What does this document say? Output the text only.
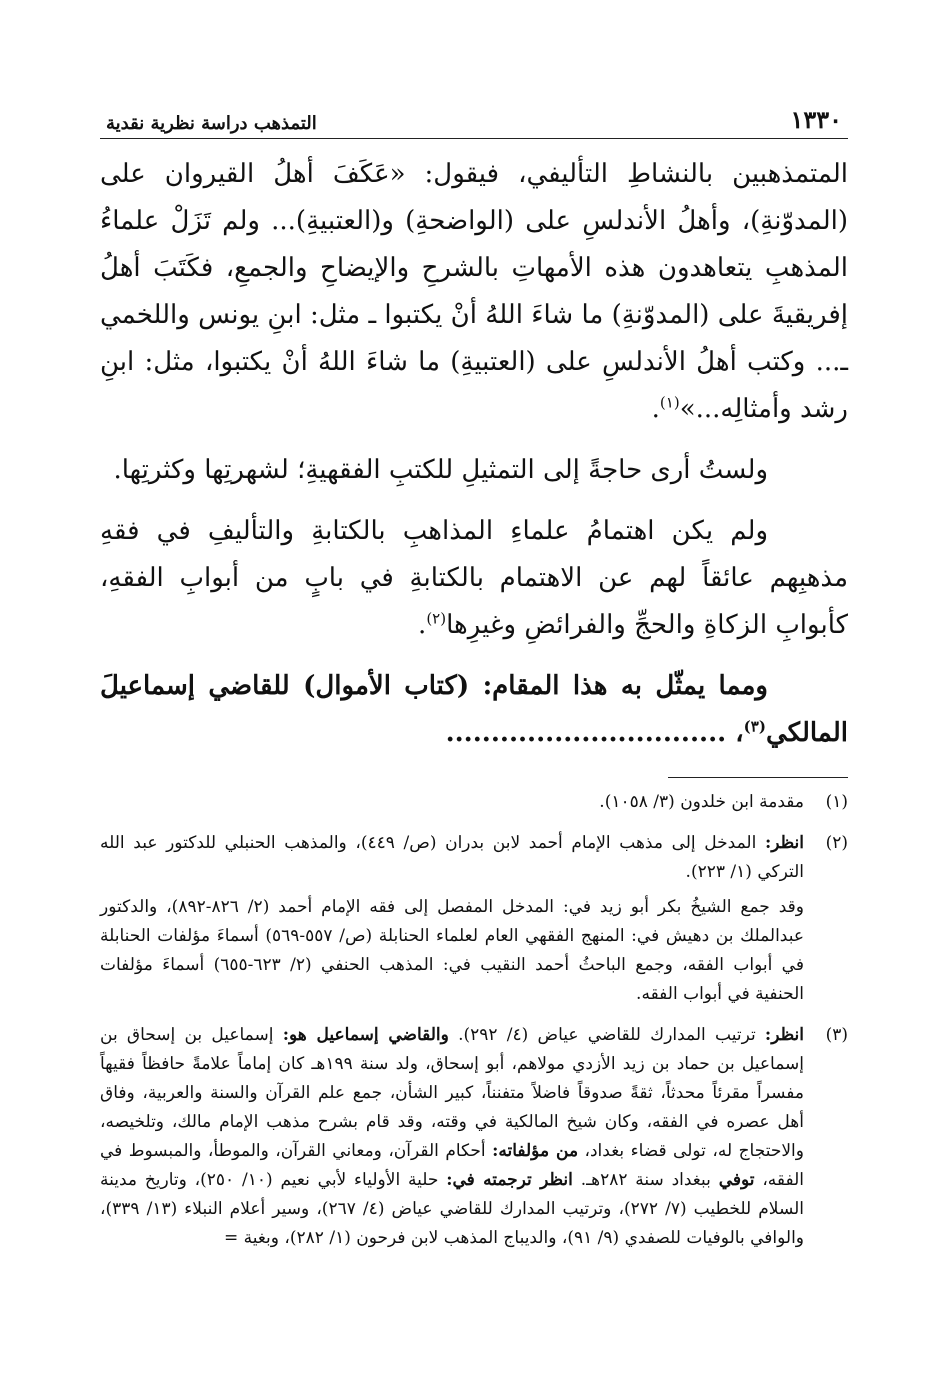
١٣٣٠
التمذهب دراسة نظرية نقدية

المتمذهبين بالنشاطِ التأليفي، فيقول: «عَكَفَ أهلُ القيروان على (المدوّنةِ)، وأهلُ الأندلسِ على (الواضحةِ) و(العتبيةِ)... ولم تَزَلْ علماءُ المذهبِ يتعاهدون هذه الأمهاتِ بالشرحِ والإيضاحِ والجمعِ، فكَتَبَ أهلُ إفريقيةَ على (المدوّنةِ) ما شاءَ اللهُ أنْ يكتبوا ـ مثل: ابنِ يونس واللخمي ـ... وكتب أهلُ الأندلسِ على (العتبيةِ) ما شاءَ اللهُ أنْ يكتبوا، مثل: ابنِ رشد وأمثالِه...»$^{(١)}$.

ولستُ أرى حاجةً إلى التمثيلِ للكتبِ الفقهيةِ؛ لشهرتِها وكثرتِها.

ولم يكن اهتمامُ علماءِ المذاهبِ بالكتابةِ والتأليفِ في فقهِ مذهبِهم عائقاً لهم عن الاهتمام بالكتابةِ في بابٍ من أبوابِ الفقهِ، كأبوابِ الزكاةِ والحجِّ والفرائضِ وغيرِها$^{(٢)}$.

ومما يمثّل به هذا المقام: (كتاب الأموال) للقاضي إسماعيلَ المالكي$^{(٣)}$، ...............................

(١)

مقدمة ابن خلدون (٣/ ١٠٥٨).

(٢)

انظر: المدخل إلى مذهب الإمام أحمد لابن بدران (ص/ ٤٤٩)، والمذهب الحنبلي للدكتور عبد الله التركي (١/ ٢٢٣).

وقد جمع الشيخُ بكر أبو زيد في: المدخل المفصل إلى فقه الإمام أحمد (٢/ ٨٢٦-٨٩٢)، والدكتور عبدالملك بن دهيش في: المنهج الفقهي العام لعلماء الحنابلة (ص/ ٥٥٧-٥٦٩) أسماءَ مؤلفات الحنابلة في أبواب الفقه، وجمع الباحثُ أحمد النقيب في: المذهب الحنفي (٢/ ٦٢٣-٦٥٥) أسماءَ مؤلفات الحنفية في أبواب الفقه.

(٣)

انظر: ترتيب المدارك للقاضي عياض (٤/ ٢٩٢). والقاضي إسماعيل هو: إسماعيل بن إسحاق بن إسماعيل بن حماد بن زيد الأزدي مولاهم، أبو إسحاق، ولد سنة ١٩٩هـ كان إماماً علامةً حافظاً فقيهاً مفسراً مقرئاً محدثاً، ثقةً صدوقاً فاضلاً متفنناً، كبير الشأن، جمع علم القرآن والسنة والعربية، وفاق أهل عصره في الفقه، وكان شيخ المالكية في وقته، وقد قام بشرح مذهب الإمام مالك، وتلخيصه، والاحتجاج له، تولى قضاء بغداد، من مؤلفاته: أحكام القرآن، ومعاني القرآن، والموطأ، والمبسوط في الفقه، توفي ببغداد سنة ٢٨٢هـ. انظر ترجمته في: حلية الأولياء لأبي نعيم (١٠/ ٢٥٠)، وتاريخ مدينة السلام للخطيب (٧/ ٢٧٢)، وترتيب المدارك للقاضي عياض (٤/ ٢٦٧)، وسير أعلام النبلاء (١٣/ ٣٣٩)، والوافي بالوفيات للصفدي (٩/ ٩١)، والديباج المذهب لابن فرحون (١/ ٢٨٢)، وبغية =
